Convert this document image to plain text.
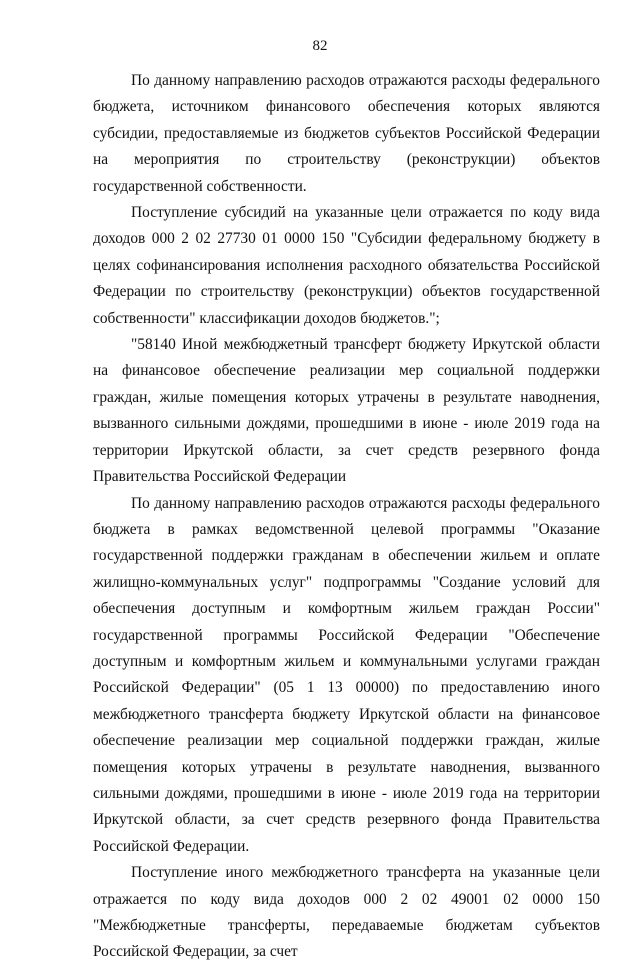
82

По данному направлению расходов отражаются расходы федерального бюджета, источником финансового обеспечения которых являются субсидии, предоставляемые из бюджетов субъектов Российской Федерации на мероприятия по строительству (реконструкции) объектов государственной собственности.

Поступление субсидий на указанные цели отражается по коду вида доходов 000 2 02 27730 01 0000 150 "Субсидии федеральному бюджету в целях софинансирования исполнения расходного обязательства Российской Федерации по строительству (реконструкции) объектов государственной собственности" классификации доходов бюджетов.";

"58140 Иной межбюджетный трансферт бюджету Иркутской области на финансовое обеспечение реализации мер социальной поддержки граждан, жилые помещения которых утрачены в результате наводнения, вызванного сильными дождями, прошедшими в июне - июле 2019 года на территории Иркутской области, за счет средств резервного фонда Правительства Российской Федерации

По данному направлению расходов отражаются расходы федерального бюджета в рамках ведомственной целевой программы "Оказание государственной поддержки гражданам в обеспечении жильем и оплате жилищно-коммунальных услуг" подпрограммы "Создание условий для обеспечения доступным и комфортным жильем граждан России" государственной программы Российской Федерации "Обеспечение доступным и комфортным жильем и коммунальными услугами граждан Российской Федерации" (05 1 13 00000) по предоставлению иного межбюджетного трансферта бюджету Иркутской области на финансовое обеспечение реализации мер социальной поддержки граждан, жилые помещения которых утрачены в результате наводнения, вызванного сильными дождями, прошедшими в июне - июле 2019 года на территории Иркутской области, за счет средств резервного фонда Правительства Российской Федерации.

Поступление иного межбюджетного трансферта на указанные цели отражается по коду вида доходов 000 2 02 49001 02 0000 150 "Межбюджетные трансферты, передаваемые бюджетам субъектов Российской Федерации, за счет
